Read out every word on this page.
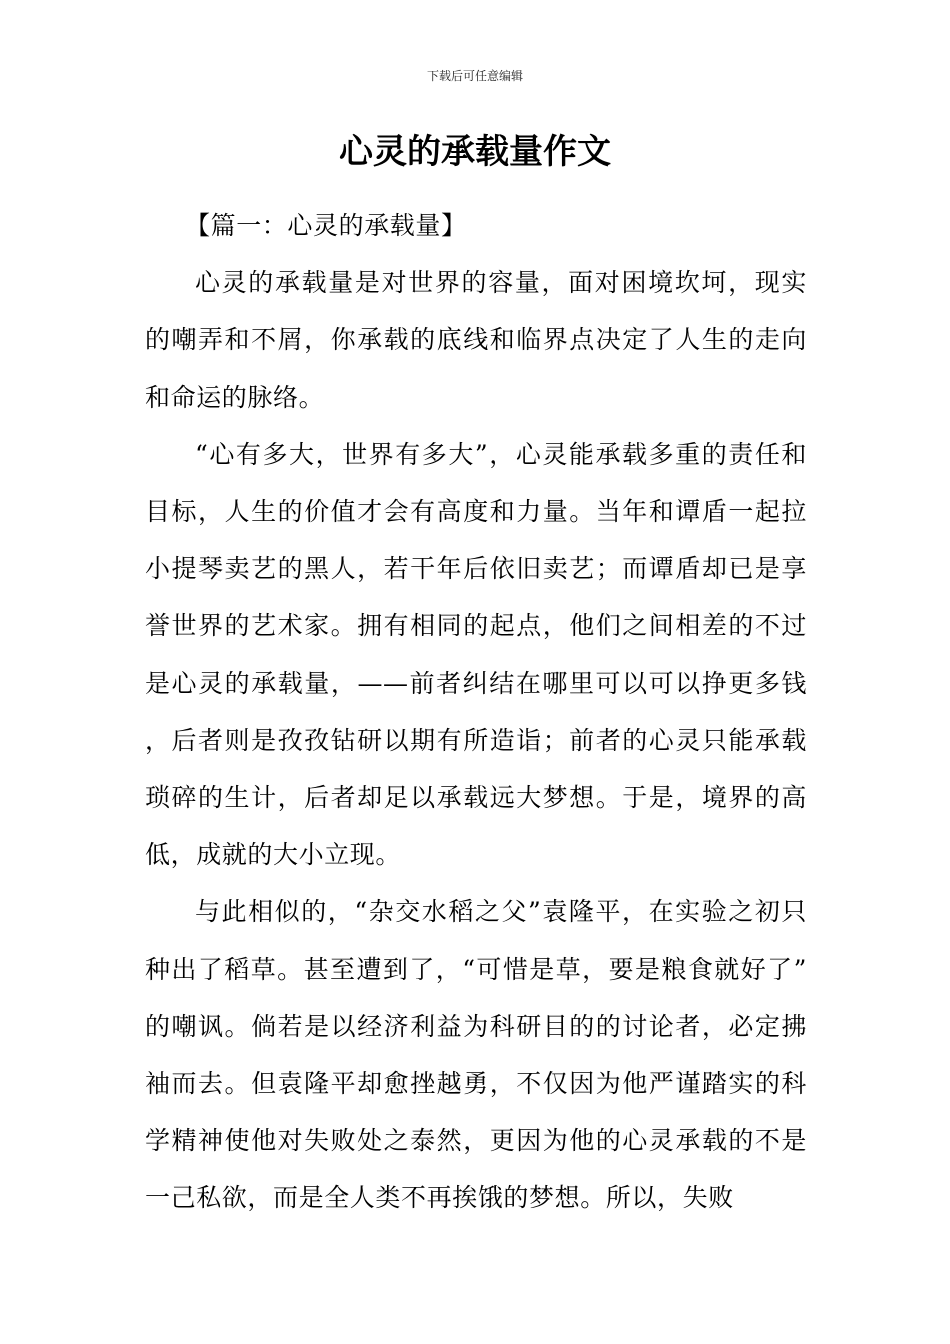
下载后可任意编辑
心灵的承载量作文

【篇一：心灵的承载量】

心灵的承载量是对世界的容量，面对困境坎坷，现实的嘲弄和不屑，你承载的底线和临界点决定了人生的走向和命运的脉络。

“心有多大，世界有多大”，心灵能承载多重的责任和目标，人生的价值才会有高度和力量。当年和谭盾一起拉小提琴卖艺的黑人，若干年后依旧卖艺；而谭盾却已是享誉世界的艺术家。拥有相同的起点，他们之间相差的不过是心灵的承载量，——前者纠结在哪里可以可以挣更多钱，后者则是孜孜钻研以期有所造诣；前者的心灵只能承载琐碎的生计，后者却足以承载远大梦想。于是，境界的高低，成就的大小立现。

与此相似的，“杂交水稻之父”袁隆平，在实验之初只种出了稻草。甚至遭到了，“可惜是草，要是粮食就好了”的嘲讽。倘若是以经济利益为科研目的的讨论者，必定拂袖而去。但袁隆平却愈挫越勇，不仅因为他严谨踏实的科学精神使他对失败处之泰然，更因为他的心灵承载的不是一己私欲，而是全人类不再挨饿的梦想。所以，失败
